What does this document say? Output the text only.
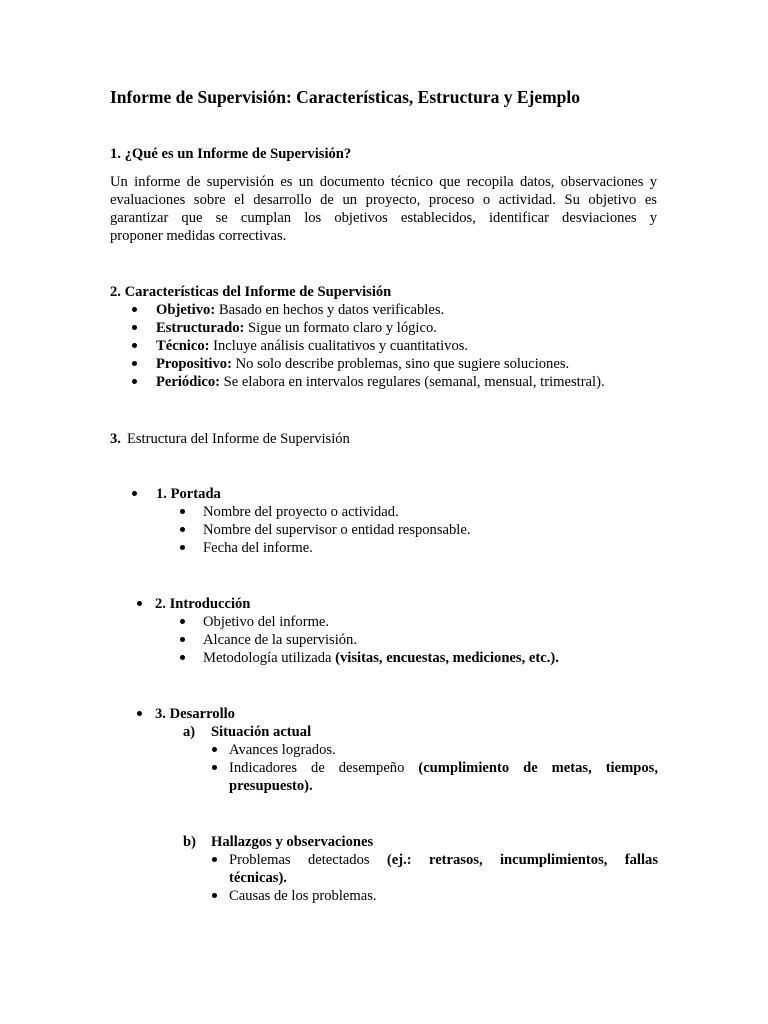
Informe de Supervisión: Características, Estructura y Ejemplo
1. ¿Qué es un Informe de Supervisión?
Un informe de supervisión es un documento técnico que recopila datos, observaciones y
evaluaciones sobre el desarrollo de un proyecto, proceso o actividad. Su objetivo es
garantizar que se cumplan los objetivos establecidos, identificar desviaciones y
proponer medidas correctivas.
2. Características del Informe de Supervisión
Objetivo: Basado en hechos y datos verificables.
Estructurado: Sigue un formato claro y lógico.
Técnico: Incluye análisis cualitativos y cuantitativos.
Propositivo: No solo describe problemas, sino que sugiere soluciones.
Periódico: Se elabora en intervalos regulares (semanal, mensual, trimestral).
3. Estructura del Informe de Supervisión
1. Portada
Nombre del proyecto o actividad.
Nombre del supervisor o entidad responsable.
Fecha del informe.
2. Introducción
Objetivo del informe.
Alcance de la supervisión.
Metodología utilizada (visitas, encuestas, mediciones, etc.).
3. Desarrollo
a) Situación actual
Avances logrados.
Indicadores de desempeño (cumplimiento de metas, tiempos,
presupuesto).
b) Hallazgos y observaciones
Problemas detectados (ej.: retrasos, incumplimientos, fallas
técnicas).
Causas de los problemas.
